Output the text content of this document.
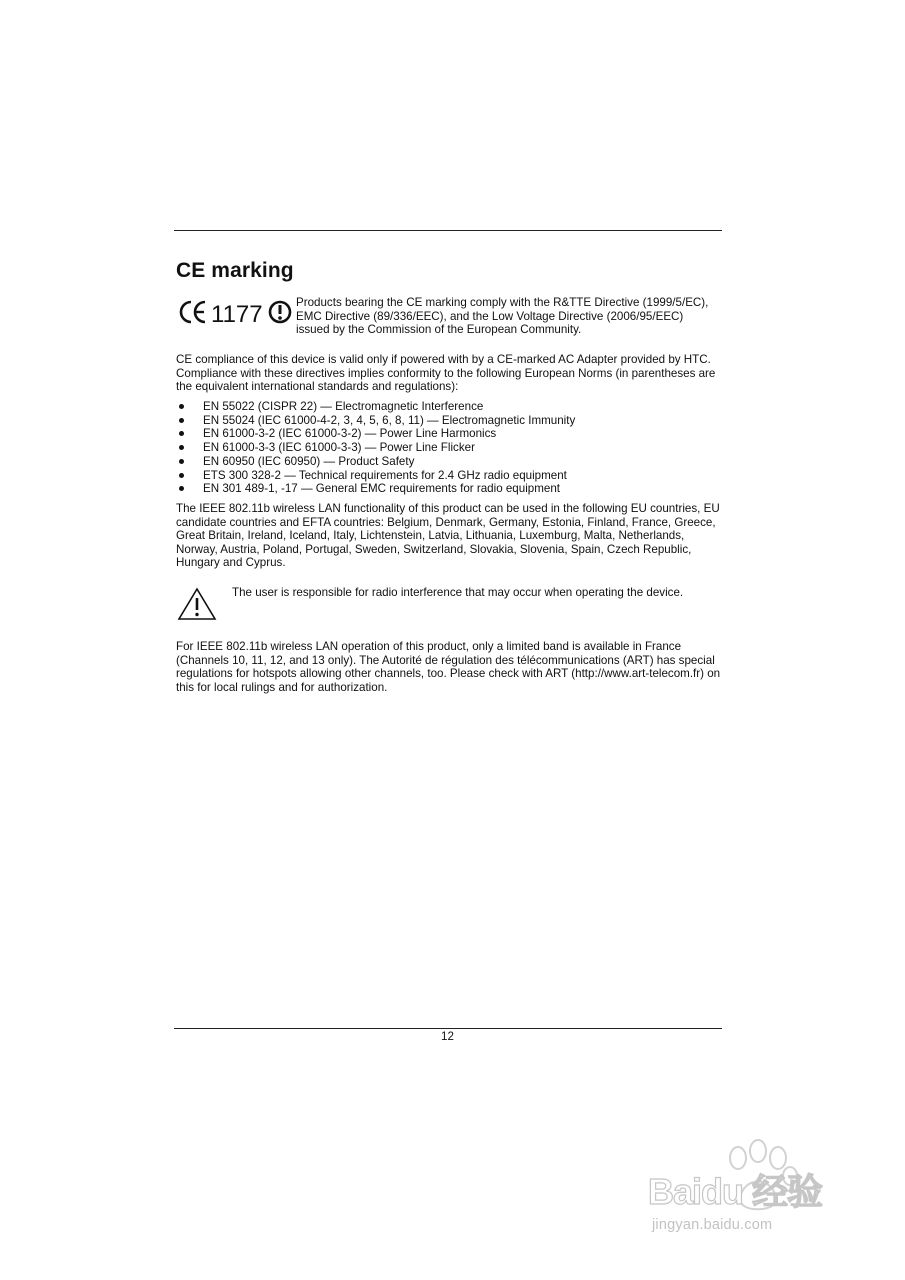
CE marking
1177	Products bearing the CE marking comply with the R&TTE Directive (1999/5/EC), EMC Directive (89/336/EEC), and the Low Voltage Directive (2006/95/EEC) issued by the Commission of the European Community.

CE compliance of this device is valid only if powered with by a CE-marked AC Adapter provided by HTC. Compliance with these directives implies conformity to the following European Norms (in parentheses are the equivalent international standards and regulations):

EN 55022 (CISPR 22) — Electromagnetic Interference
EN 55024 (IEC 61000-4-2, 3, 4, 5, 6, 8, 11) — Electromagnetic Immunity
EN 61000-3-2 (IEC 61000-3-2) — Power Line Harmonics
EN 61000-3-3 (IEC 61000-3-3) — Power Line Flicker
EN 60950 (IEC 60950) — Product Safety
ETS 300 328-2 — Technical requirements for 2.4 GHz radio equipment
EN 301 489-1, -17 — General EMC requirements for radio equipment

The IEEE 802.11b wireless LAN functionality of this product can be used in the following EU countries, EU candidate countries and EFTA countries: Belgium, Denmark, Germany, Estonia, Finland, France, Greece, Great Britain, Ireland, Iceland, Italy, Lichtenstein, Latvia, Lithuania, Luxemburg, Malta, Netherlands, Norway, Austria, Poland, Portugal, Sweden, Switzerland, Slovakia, Slovenia, Spain, Czech Republic, Hungary and Cyprus.

The user is responsible for radio interference that may occur when operating the device.

For IEEE 802.11b wireless LAN operation of this product, only a limited band is available in France (Channels 10, 11, 12, and 13 only). The Autorité de régulation des télécommunications (ART) has special regulations for hotspots allowing other channels, too. Please check with ART (http://www.art-telecom.fr) on this for local rulings and for authorization.

12
Baidu 经验
jingyan.baidu.com
